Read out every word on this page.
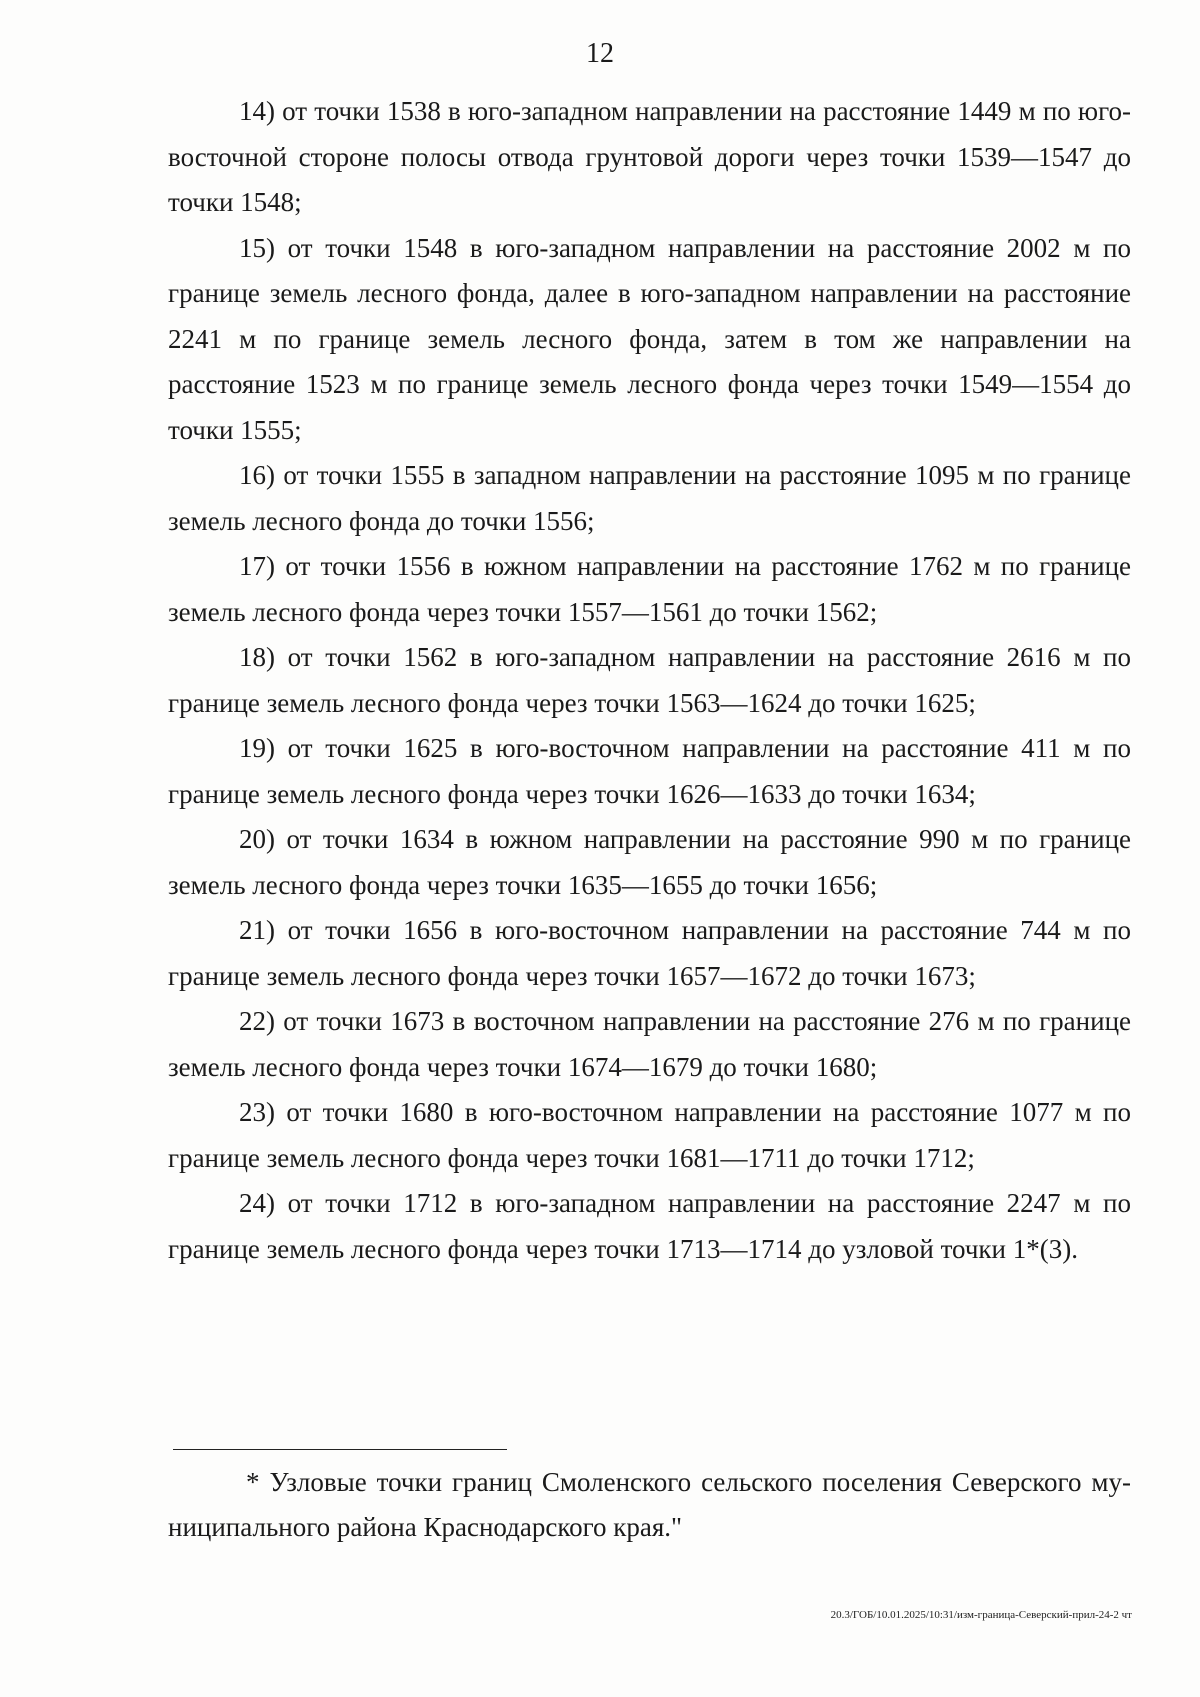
12

14) от точки 1538 в юго-западном направлении на расстояние 1449 м по юго-восточной стороне полосы отвода грунтовой дороги через точки 1539—1547 до точки 1548;

15) от точки 1548 в юго-западном направлении на расстояние 2002 м по границе земель лесного фонда, далее в юго-западном направлении на расстояние 2241 м по границе земель лесного фонда, затем в том же направлении на расстояние 1523 м по границе земель лесного фонда через точки 1549—1554 до точки 1555;

16) от точки 1555 в западном направлении на расстояние 1095 м по границе земель лесного фонда до точки 1556;

17) от точки 1556 в южном направлении на расстояние 1762 м по границе земель лесного фонда через точки 1557—1561 до точки 1562;

18) от точки 1562 в юго-западном направлении на расстояние 2616 м по границе земель лесного фонда через точки 1563—1624 до точки 1625;

19) от точки 1625 в юго-восточном направлении на расстояние 411 м по границе земель лесного фонда через точки 1626—1633 до точки 1634;

20) от точки 1634 в южном направлении на расстояние 990 м по границе земель лесного фонда через точки 1635—1655 до точки 1656;

21) от точки 1656 в юго-восточном направлении на расстояние 744 м по границе земель лесного фонда через точки 1657—1672 до точки 1673;

22) от точки 1673 в восточном направлении на расстояние 276 м по границе земель лесного фонда через точки 1674—1679 до точки 1680;

23) от точки 1680 в юго-восточном направлении на расстояние 1077 м по границе земель лесного фонда через точки 1681—1711 до точки 1712;

24) от точки 1712 в юго-западном направлении на расстояние 2247 м по границе земель лесного фонда через точки 1713—1714 до узловой точки 1*(3).

* Узловые точки границ Смоленского сельского поселения Северского муниципального района Краснодарского края."

20.3/ГОБ/10.01.2025/10:31/изм-граница-Северский-прил-24-2 чт
